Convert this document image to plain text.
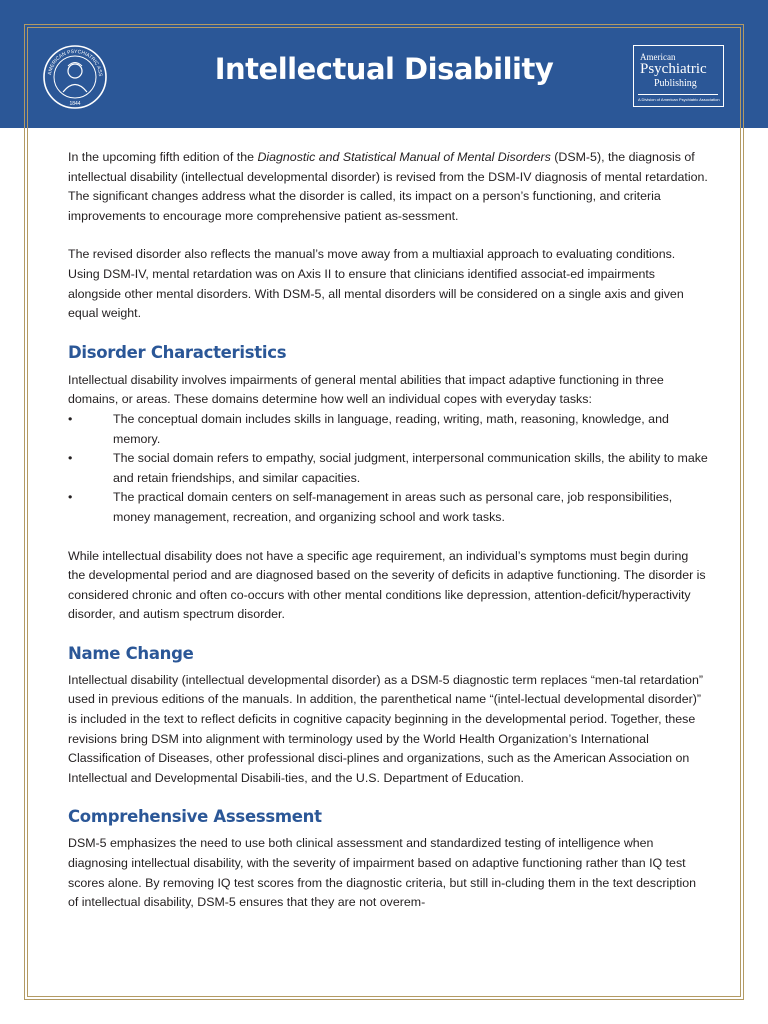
AMERICAN PSYCHIATRIC ASS
1844
Intellectual Disability	American
Psychiatric
Publishing
A Division of American Psychiatric Association

In the upcoming fifth edition of the Diagnostic and Statistical Manual of Mental Disorders (DSM-5), the diagnosis of intellectual disability (intellectual developmental disorder) is revised from the DSM-IV diagnosis of mental retardation. The significant changes address what the disorder is called, its impact on a person’s functioning, and criteria improvements to encourage more comprehensive patient as-sessment.

The revised disorder also reflects the manual’s move away from a multiaxial approach to evaluating conditions. Using DSM-IV, mental retardation was on Axis II to ensure that clinicians identified associat-ed impairments alongside other mental disorders. With DSM-5, all mental disorders will be considered on a single axis and given equal weight.

Disorder Characteristics

Intellectual disability involves impairments of general mental abilities that impact adaptive functioning in three domains, or areas. These domains determine how well an individual copes with everyday tasks:

•	The conceptual domain includes skills in language, reading, writing, math, reasoning, knowledge, and memory.
•	The social domain refers to empathy, social judgment, interpersonal communication skills, the ability to make and retain friendships, and similar capacities.
•	The practical domain centers on self-management in areas such as personal care, job responsibilities, money management, recreation, and organizing school and work tasks.

While intellectual disability does not have a specific age requirement, an individual’s symptoms must begin during the developmental period and are diagnosed based on the severity of deficits in adaptive functioning. The disorder is considered chronic and often co-occurs with other mental conditions like depression, attention-deficit/hyperactivity disorder, and autism spectrum disorder.

Name Change

Intellectual disability (intellectual developmental disorder) as a DSM-5 diagnostic term replaces “men-tal retardation” used in previous editions of the manuals. In addition, the parenthetical name “(intel-lectual developmental disorder)” is included in the text to reflect deficits in cognitive capacity beginning in the developmental period. Together, these revisions bring DSM into alignment with terminology used by the World Health Organization’s International Classification of Diseases, other professional disci-plines and organizations, such as the American Association on Intellectual and Developmental Disabili-ties, and the U.S. Department of Education.

Comprehensive Assessment

DSM-5 emphasizes the need to use both clinical assessment and standardized testing of intelligence when diagnosing intellectual disability, with the severity of impairment based on adaptive functioning rather than IQ test scores alone. By removing IQ test scores from the diagnostic criteria, but still in-cluding them in the text description of intellectual disability, DSM-5 ensures that they are not overem-
